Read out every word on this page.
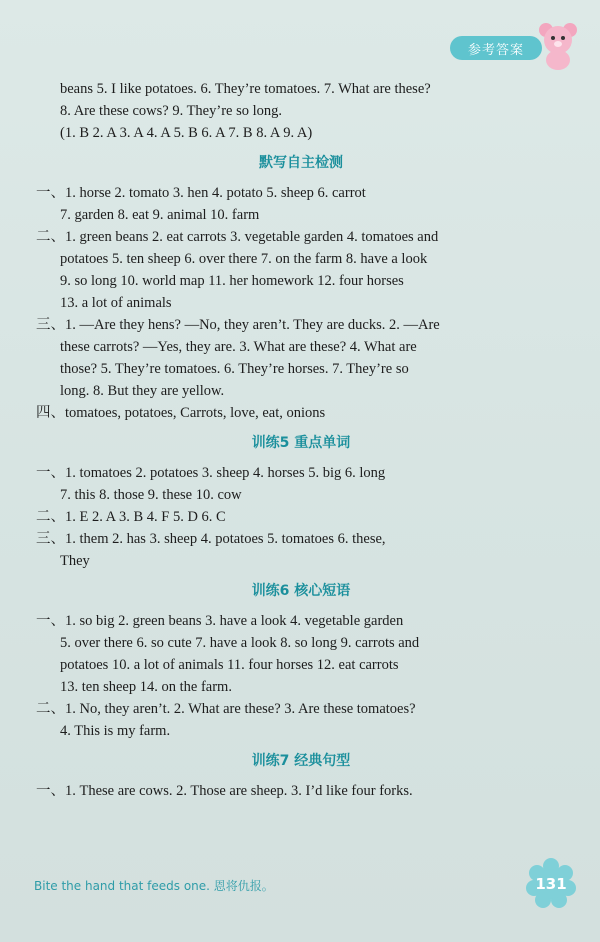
参考答案
beans 5. I like potatoes. 6. They’re tomatoes. 7. What are these?
8. Are these cows? 9. They’re so long.
(1. B 2. A 3. A 4. A 5. B 6. A 7. B 8. A 9. A)
默写自主检测
一、1. horse 2. tomato 3. hen 4. potato 5. sheep 6. carrot
7. garden 8. eat 9. animal 10. farm
二、1. green beans 2. eat carrots 3. vegetable garden 4. tomatoes and
potatoes 5. ten sheep 6. over there 7. on the farm 8. have a look
9. so long 10. world map 11. her homework 12. four horses
13. a lot of animals
三、1. —Are they hens? —No, they aren’t. They are ducks. 2. —Are
these carrots? —Yes, they are. 3. What are these? 4. What are
those? 5. They’re tomatoes. 6. They’re horses. 7. They’re so
long. 8. But they are yellow.
四、tomatoes, potatoes, Carrots, love, eat, onions
训练5 重点单词
一、1. tomatoes 2. potatoes 3. sheep 4. horses 5. big 6. long
7. this 8. those 9. these 10. cow
二、1. E 2. A 3. B 4. F 5. D 6. C
三、1. them 2. has 3. sheep 4. potatoes 5. tomatoes 6. these,
They
训练6 核心短语
一、1. so big 2. green beans 3. have a look 4. vegetable garden
5. over there 6. so cute 7. have a look 8. so long 9. carrots and
potatoes 10. a lot of animals 11. four horses 12. eat carrots
13. ten sheep 14. on the farm.
二、1. No, they aren’t. 2. What are these? 3. Are these tomatoes?
4. This is my farm.
训练7 经典句型
一、1. These are cows. 2. Those are sheep. 3. I’d like four forks.
Bite the hand that feeds one. 恩将仇报。	131
